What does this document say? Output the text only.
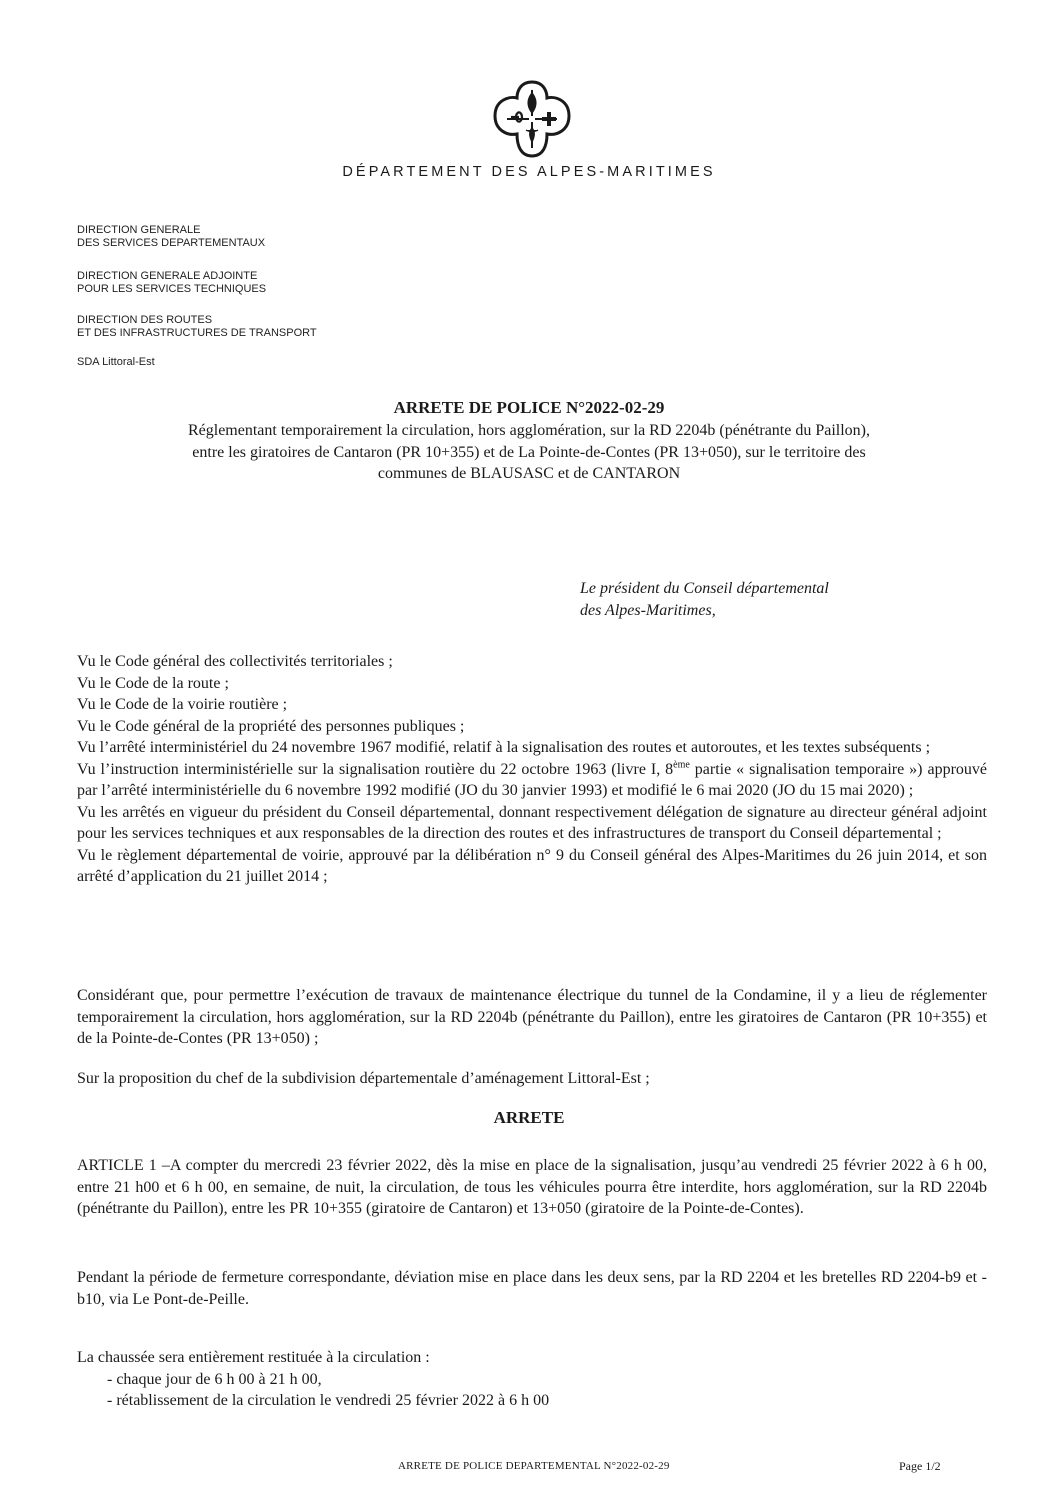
DÉPARTEMENT DES ALPES-MARITIMES
DIRECTION GENERALE
DES SERVICES DEPARTEMENTAUX
DIRECTION GENERALE ADJOINTE
POUR LES SERVICES TECHNIQUES
DIRECTION DES ROUTES
ET DES INFRASTRUCTURES DE TRANSPORT
SDA Littoral-Est
ARRETE DE POLICE N°2022-02-29
Réglementant temporairement la circulation, hors agglomération, sur la RD 2204b (pénétrante du Paillon),
entre les giratoires de Cantaron (PR 10+355) et de La Pointe-de-Contes (PR 13+050), sur le territoire des
communes de BLAUSASC et de CANTARON
Le président du Conseil départemental
des Alpes-Maritimes,

Vu le Code général des collectivités territoriales ;

Vu le Code de la route ;

Vu le Code de la voirie routière ;

Vu le Code général de la propriété des personnes publiques ;

Vu l’arrêté interministériel du 24 novembre 1967 modifié, relatif à la signalisation des routes et autoroutes, et les textes subséquents ;

Vu l’instruction interministérielle sur la signalisation routière du 22 octobre 1963 (livre I, 8ème partie « signalisation temporaire ») approuvé par l’arrêté interministérielle du 6 novembre 1992 modifié (JO du 30 janvier 1993) et modifié le 6 mai 2020 (JO du 15 mai 2020) ;

Vu les arrêtés en vigueur du président du Conseil départemental, donnant respectivement délégation de signature au directeur général adjoint pour les services techniques et aux responsables de la direction des routes et des infrastructures de transport du Conseil départemental ;

Vu le règlement départemental de voirie, approuvé par la délibération n° 9 du Conseil général des Alpes-Maritimes du 26 juin 2014, et son arrêté d’application du 21 juillet 2014 ;

Considérant que, pour permettre l’exécution de travaux de maintenance électrique du tunnel de la Condamine, il y a lieu de réglementer temporairement la circulation, hors agglomération, sur la RD 2204b (pénétrante du Paillon), entre les giratoires de Cantaron (PR 10+355) et de la Pointe-de-Contes (PR 13+050) ;

Sur la proposition du chef de la subdivision départementale d’aménagement Littoral-Est ;

ARRETE

ARTICLE 1 –A compter du mercredi 23 février 2022, dès la mise en place de la signalisation, jusqu’au vendredi 25 février 2022 à 6 h 00, entre 21 h00 et 6 h 00, en semaine, de nuit, la circulation, de tous les véhicules pourra être interdite, hors agglomération, sur la RD 2204b (pénétrante du Paillon), entre les PR 10+355 (giratoire de Cantaron) et 13+050 (giratoire de la Pointe-de-Contes).

Pendant la période de fermeture correspondante, déviation mise en place dans les deux sens, par la RD 2204 et les bretelles RD 2204-b9 et -b10, via Le Pont-de-Peille.

La chaussée sera entièrement restituée à la circulation :

- chaque jour de 6 h 00 à 21 h 00,
- rétablissement de la circulation le vendredi 25 février 2022 à 6 h 00
ARRETE DE POLICE DEPARTEMENTAL N°2022-02-29	Page 1/2
